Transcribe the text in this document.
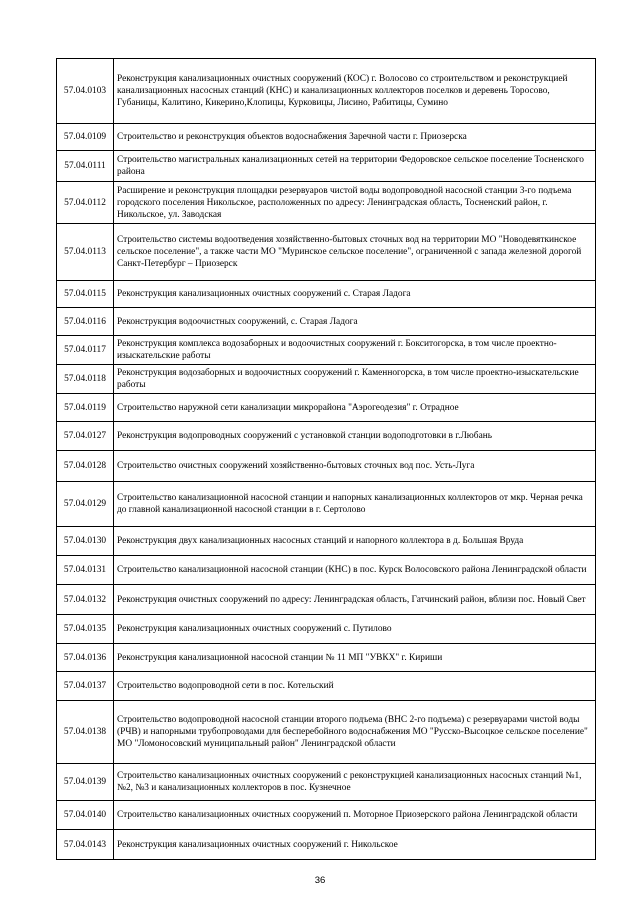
57.04.0103	Реконструкция канализационных очистных сооружений (КОС) г. Волосово со строительством и реконструкцией канализационных насосных станций (КНС) и канализационных коллекторов поселков и деревень Торосово, Губаницы, Калитино, Кикерино,Клопицы, Курковицы, Лисино, Рабитицы, Сумино
57.04.0109	Строительство и реконструкция объектов водоснабжения Заречной части г. Приозерска
57.04.0111	Строительство магистральных канализационных сетей на территории Федоровское сельское поселение Тосненского района
57.04.0112	Расширение и реконструкция площадки резервуаров чистой воды водопроводной насосной станции 3-го подъема городского поселения Никольское, расположенных по адресу: Ленинградская область, Тосненский район, г. Никольское, ул. Заводская
57.04.0113	Строительство системы водоотведения хозяйственно-бытовых сточных вод на территории МО "Новодевяткинское сельское поселение", а также части МО "Муринское сельское поселение", ограниченной с запада железной дорогой Санкт-Петербург – Приозерск
57.04.0115	Реконструкция канализационных очистных сооружений с. Старая Ладога
57.04.0116	Реконструкция водоочистных сооружений, с. Старая Ладога
57.04.0117	Реконструкция комплекса водозаборных и водоочистных сооружений г. Бокситогорска, в том числе проектно-изыскательские работы
57.04.0118	Реконструкция водозаборных и водоочистных сооружений г. Каменногорска, в том числе проектно-изыскательские работы
57.04.0119	Строительство наружной сети канализации микрорайона "Аэрогеодезия" г. Отрадное
57.04.0127	Реконструкция водопроводных сооружений с установкой станции водоподготовки в г.Любань
57.04.0128	Строительство очистных сооружений хозяйственно-бытовых сточных вод пос. Усть-Луга
57.04.0129	Строительство канализационной насосной станции и напорных канализационных коллекторов от мкр. Черная речка до главной канализационной насосной станции в г. Сертолово
57.04.0130	Реконструкция двух канализационных насосных станций и напорного коллектора в д. Большая Вруда
57.04.0131	Строительство канализационной насосной станции (КНС) в пос. Курск Волосовского района Ленинградской области
57.04.0132	Реконструкция очистных сооружений по адресу: Ленинградская область, Гатчинский район, вблизи пос. Новый Свет
57.04.0135	Реконструкция канализационных очистных сооружений с. Путилово
57.04.0136	Реконструкция канализационной насосной станции № 11 МП "УВКХ" г. Кириши
57.04.0137	Строительство водопроводной сети в пос. Котельский
57.04.0138	Строительство водопроводной насосной станции второго подъема (ВНС 2-го подъема) с резервуарами чистой воды (РЧВ) и напорными трубопроводами для бесперебойного водоснабжения МО "Русско-Высоцкое сельское поселение" МО "Ломоносовский муниципальный район" Ленинградской области
57.04.0139	Строительство канализационных очистных сооружений с реконструкцией канализационных насосных станций №1, №2, №3 и канализационных коллекторов в пос. Кузнечное
57.04.0140	Строительство канализационных очистных сооружений п. Моторное Приозерского района Ленинградской области
57.04.0143	Реконструкция канализационных очистных сооружений г. Никольское
36
